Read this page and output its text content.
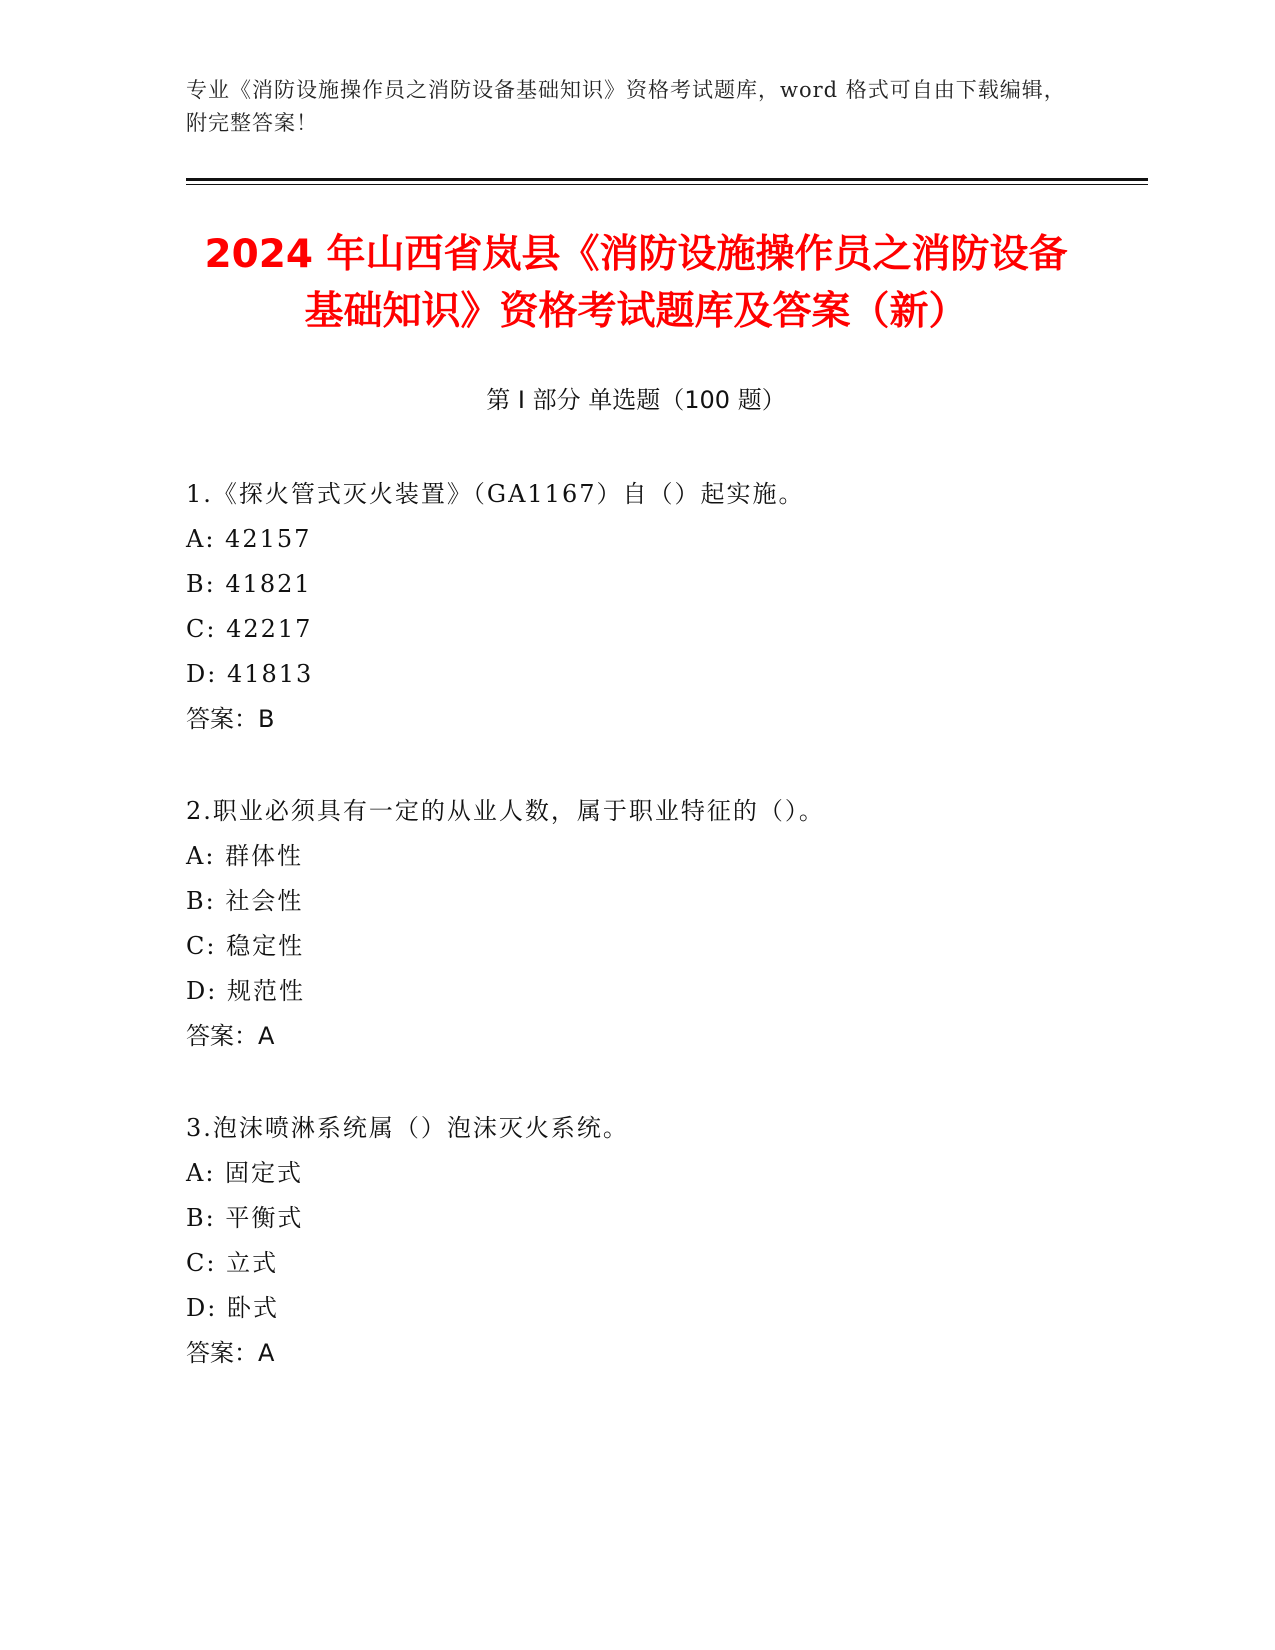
专业《消防设施操作员之消防设备基础知识》资格考试题库，word 格式可自由下载编辑，附完整答案！
2024 年山西省岚县《消防设施操作员之消防设备基础知识》资格考试题库及答案（新）
第 I 部分 单选题（100 题）
1.《探火管式灭火装置》（GA1167）自（）起实施。
A: 42157
B: 41821
C: 42217
D: 41813
答案：B
2.职业必须具有一定的从业人数，属于职业特征的（）。
A: 群体性
B: 社会性
C: 稳定性
D: 规范性
答案：A
3.泡沫喷淋系统属（）泡沫灭火系统。
A: 固定式
B: 平衡式
C: 立式
D: 卧式
答案：A
